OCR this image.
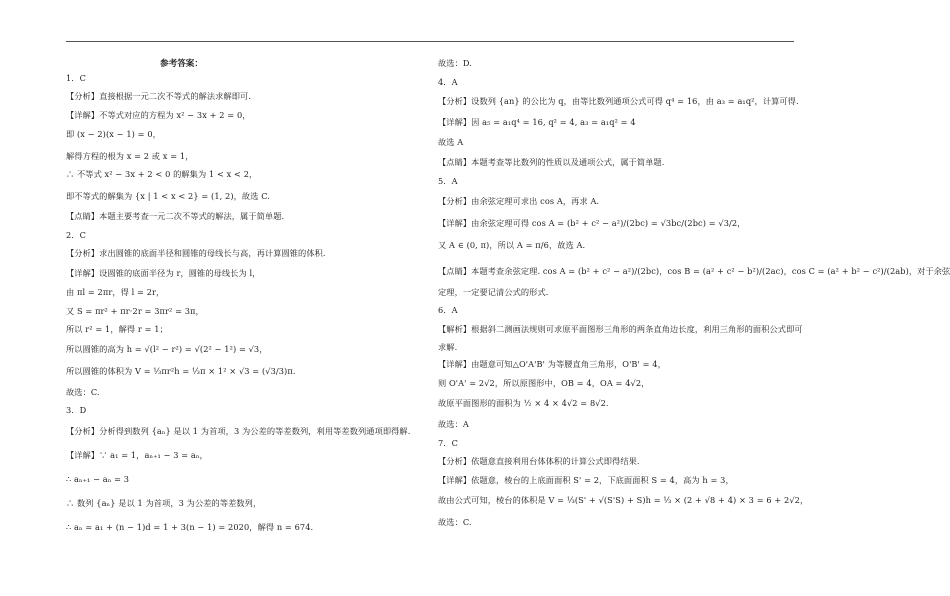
参考答案：
1．C
【分析】直接根据一元二次不等式的解法求解即可.
【详解】不等式对应的方程为 x² − 3x + 2 = 0，
即 (x − 2)(x − 1) = 0，
解得方程的根为 x = 2 或 x = 1，
∴ 不等式 x² − 3x + 2 < 0 的解集为 1 < x < 2，
即不等式的解集为 {x | 1 < x < 2} = (1, 2)，故选 C.
【点睛】本题主要考查一元二次不等式的解法，属于简单题.
2．C
【分析】求出圆锥的底面半径和圆锥的母线长与高，再计算圆锥的体积.
【详解】设圆锥的底面半径为 r，圆锥的母线长为 l，
由 πl = 2πr，得 l = 2r，
又 S = πr² + πr·2r = 3πr² = 3π，
所以 r² = 1，解得 r = 1；
所以圆锥的高为 h = √(l² − r²) = √(2² − 1²) = √3，
所以圆锥的体积为 V = ⅓πr²h = ⅓π × 1² × √3 = (√3/3)π.
故选：C.
3．D
【分析】分析得到数列 {aₙ} 是以 1 为首项，3 为公差的等差数列，利用等差数列通项即得解.
【详解】∵ a₁ = 1，aₙ₊₁ − 3 = aₙ，
∴ aₙ₊₁ − aₙ = 3
∴ 数列 {aₙ} 是以 1 为首项，3 为公差的等差数列，
∴ aₙ = a₁ + (n − 1)d = 1 + 3(n − 1) = 2020，解得 n = 674.
故选：D.
4．A
【分析】设数列 {an} 的公比为 q，由等比数列通项公式可得 q⁴ = 16，由 a₃ = a₁q²，计算可得.
【详解】因 a₅ = a₁q⁴ = 16, q² = 4, a₃ = a₁q² = 4
故选 A
【点睛】本题考查等比数列的性质以及通项公式，属于简单题.
5．A
【分析】由余弦定理可求出 cos A，再求 A.
【详解】由余弦定理可得 cos A = (b² + c² − a²)/(2bc) = √3bc/(2bc) = √3/2，
又 A ∈ (0, π)，所以 A = π/6，故选 A.
【点睛】本题考查余弦定理. cos A = (b² + c² − a²)/(2bc)，cos B = (a² + c² − b²)/(2ac)，cos C = (a² + b² − c²)/(2ab)，对于余弦
定理，一定要记清公式的形式.
6．A
【解析】根据斜二测画法规则可求原平面图形三角形的两条直角边长度，利用三角形的面积公式即可
求解.
【详解】由题意可知△O'A'B' 为等腰直角三角形，O'B' = 4，
则 O'A' = 2√2，所以原图形中，OB = 4，OA = 4√2，
故原平面图形的面积为 ½ × 4 × 4√2 = 8√2.
故选：A
7．C
【分析】依题意直接利用台体体积的计算公式即得结果.
【详解】依题意，棱台的上底面面积 S' = 2，下底面面积 S = 4，高为 h = 3，
故由公式可知，棱台的体积是 V = ⅓(S' + √(S'S) + S)h = ⅓ × (2 + √8 + 4) × 3 = 6 + 2√2，
故选：C.
